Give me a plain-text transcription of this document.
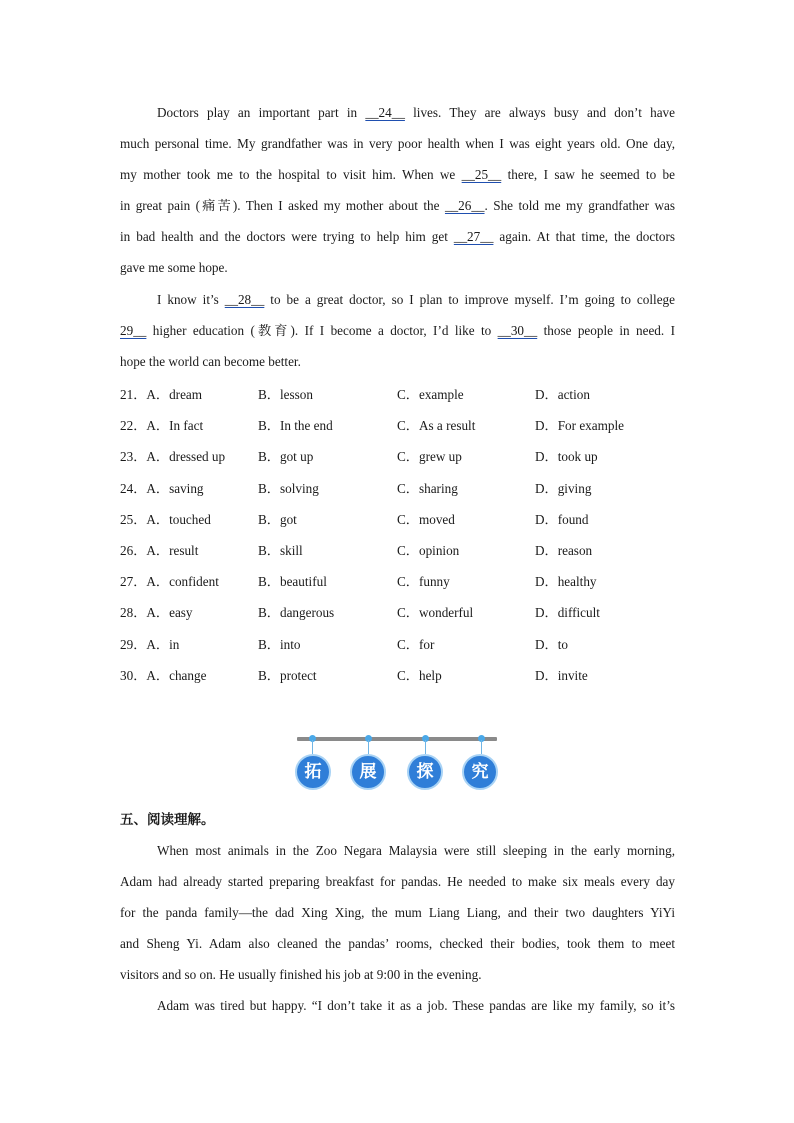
Doctors play an important part in __24__ lives. They are always busy and don’t have
much personal time. My grandfather was in very poor health when I was eight years old. One day,
my mother took me to the hospital to visit him. When we __25__ there, I saw he seemed to be
in great pain (痛苦). Then I asked my mother about the __26__. She told me my grandfather was
in bad health and the doctors were trying to help him get __27__ again. At that time, the doctors
gave me some hope.
I know it’s __28__ to be a great doctor, so I plan to improve myself. I’m going to college
29__ higher education (教育). If I become a doctor, I’d like to __30__ those people in need. I
hope the world can become better.
21．A．dream	B．lesson	C．example	D．action
22．A．In fact	B．In the end	C．As a result	D．For example
23．A．dressed up B．got up	C．grew up	D．took up
24．A．saving	B．solving	C．sharing	D．giving
25．A．touched	B．got	C．moved	D．found
26．A．result	B．skill	C．opinion	D．reason
27．A．confident	B．beautiful	C．funny	D．healthy
28．A．easy	B．dangerous	C．wonderful	D．difficult
29．A．in	B．into	C．for	D．to
30．A．change	B．protect	C．help	D．invite
拓	展	探	究
五、阅读理解。
When most animals in the Zoo Negara Malaysia were still sleeping in the early morning,
Adam had already started preparing breakfast for pandas. He needed to make six meals every day
for the panda family—the dad Xing Xing, the mum Liang Liang, and their two daughters YiYi
and Sheng Yi. Adam also cleaned the pandas’ rooms, checked their bodies, took them to meet
visitors and so on. He usually finished his job at 9:00 in the evening.
Adam was tired but happy. “I don’t take it as a job. These pandas are like my family, so it’s
